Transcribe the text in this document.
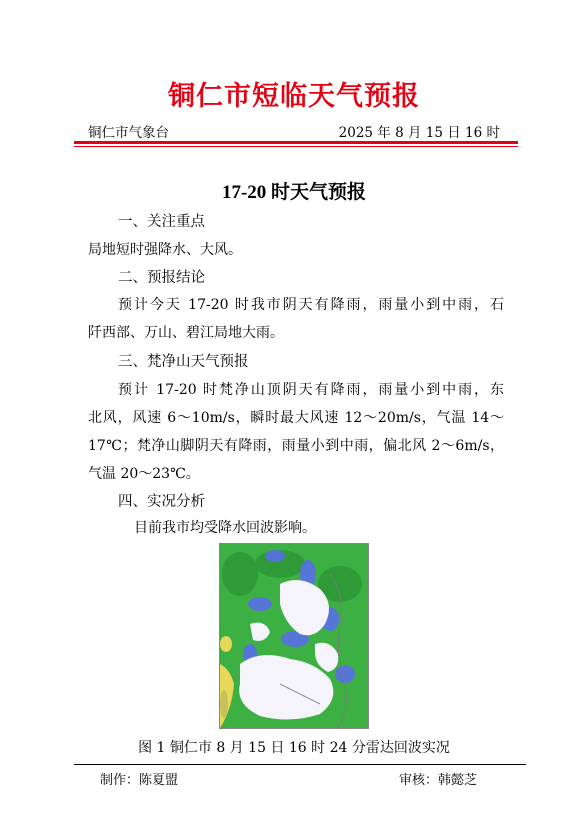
铜仁市短临天气预报
铜仁市气象台	2025 年 8 月 15 日 16 时
17-20 时天气预报
一、关注重点
局地短时强降水、大风。
二、预报结论
预计今天 17-20 时我市阴天有降雨，雨量小到中雨，石
阡西部、万山、碧江局地大雨。
三、梵净山天气预报
预计 17-20 时梵净山顶阴天有降雨，雨量小到中雨，东
北风，风速 6～10m/s，瞬时最大风速 12～20m/s，气温 14～
17℃；梵净山脚阴天有降雨，雨量小到中雨，偏北风 2～6m/s，
气温 20～23℃。
四、实况分析
目前我市均受降水回波影响。
图 1 铜仁市 8 月 15 日 16 时 24 分雷达回波实况
制作：陈夏盟	审核：韩懿芝
